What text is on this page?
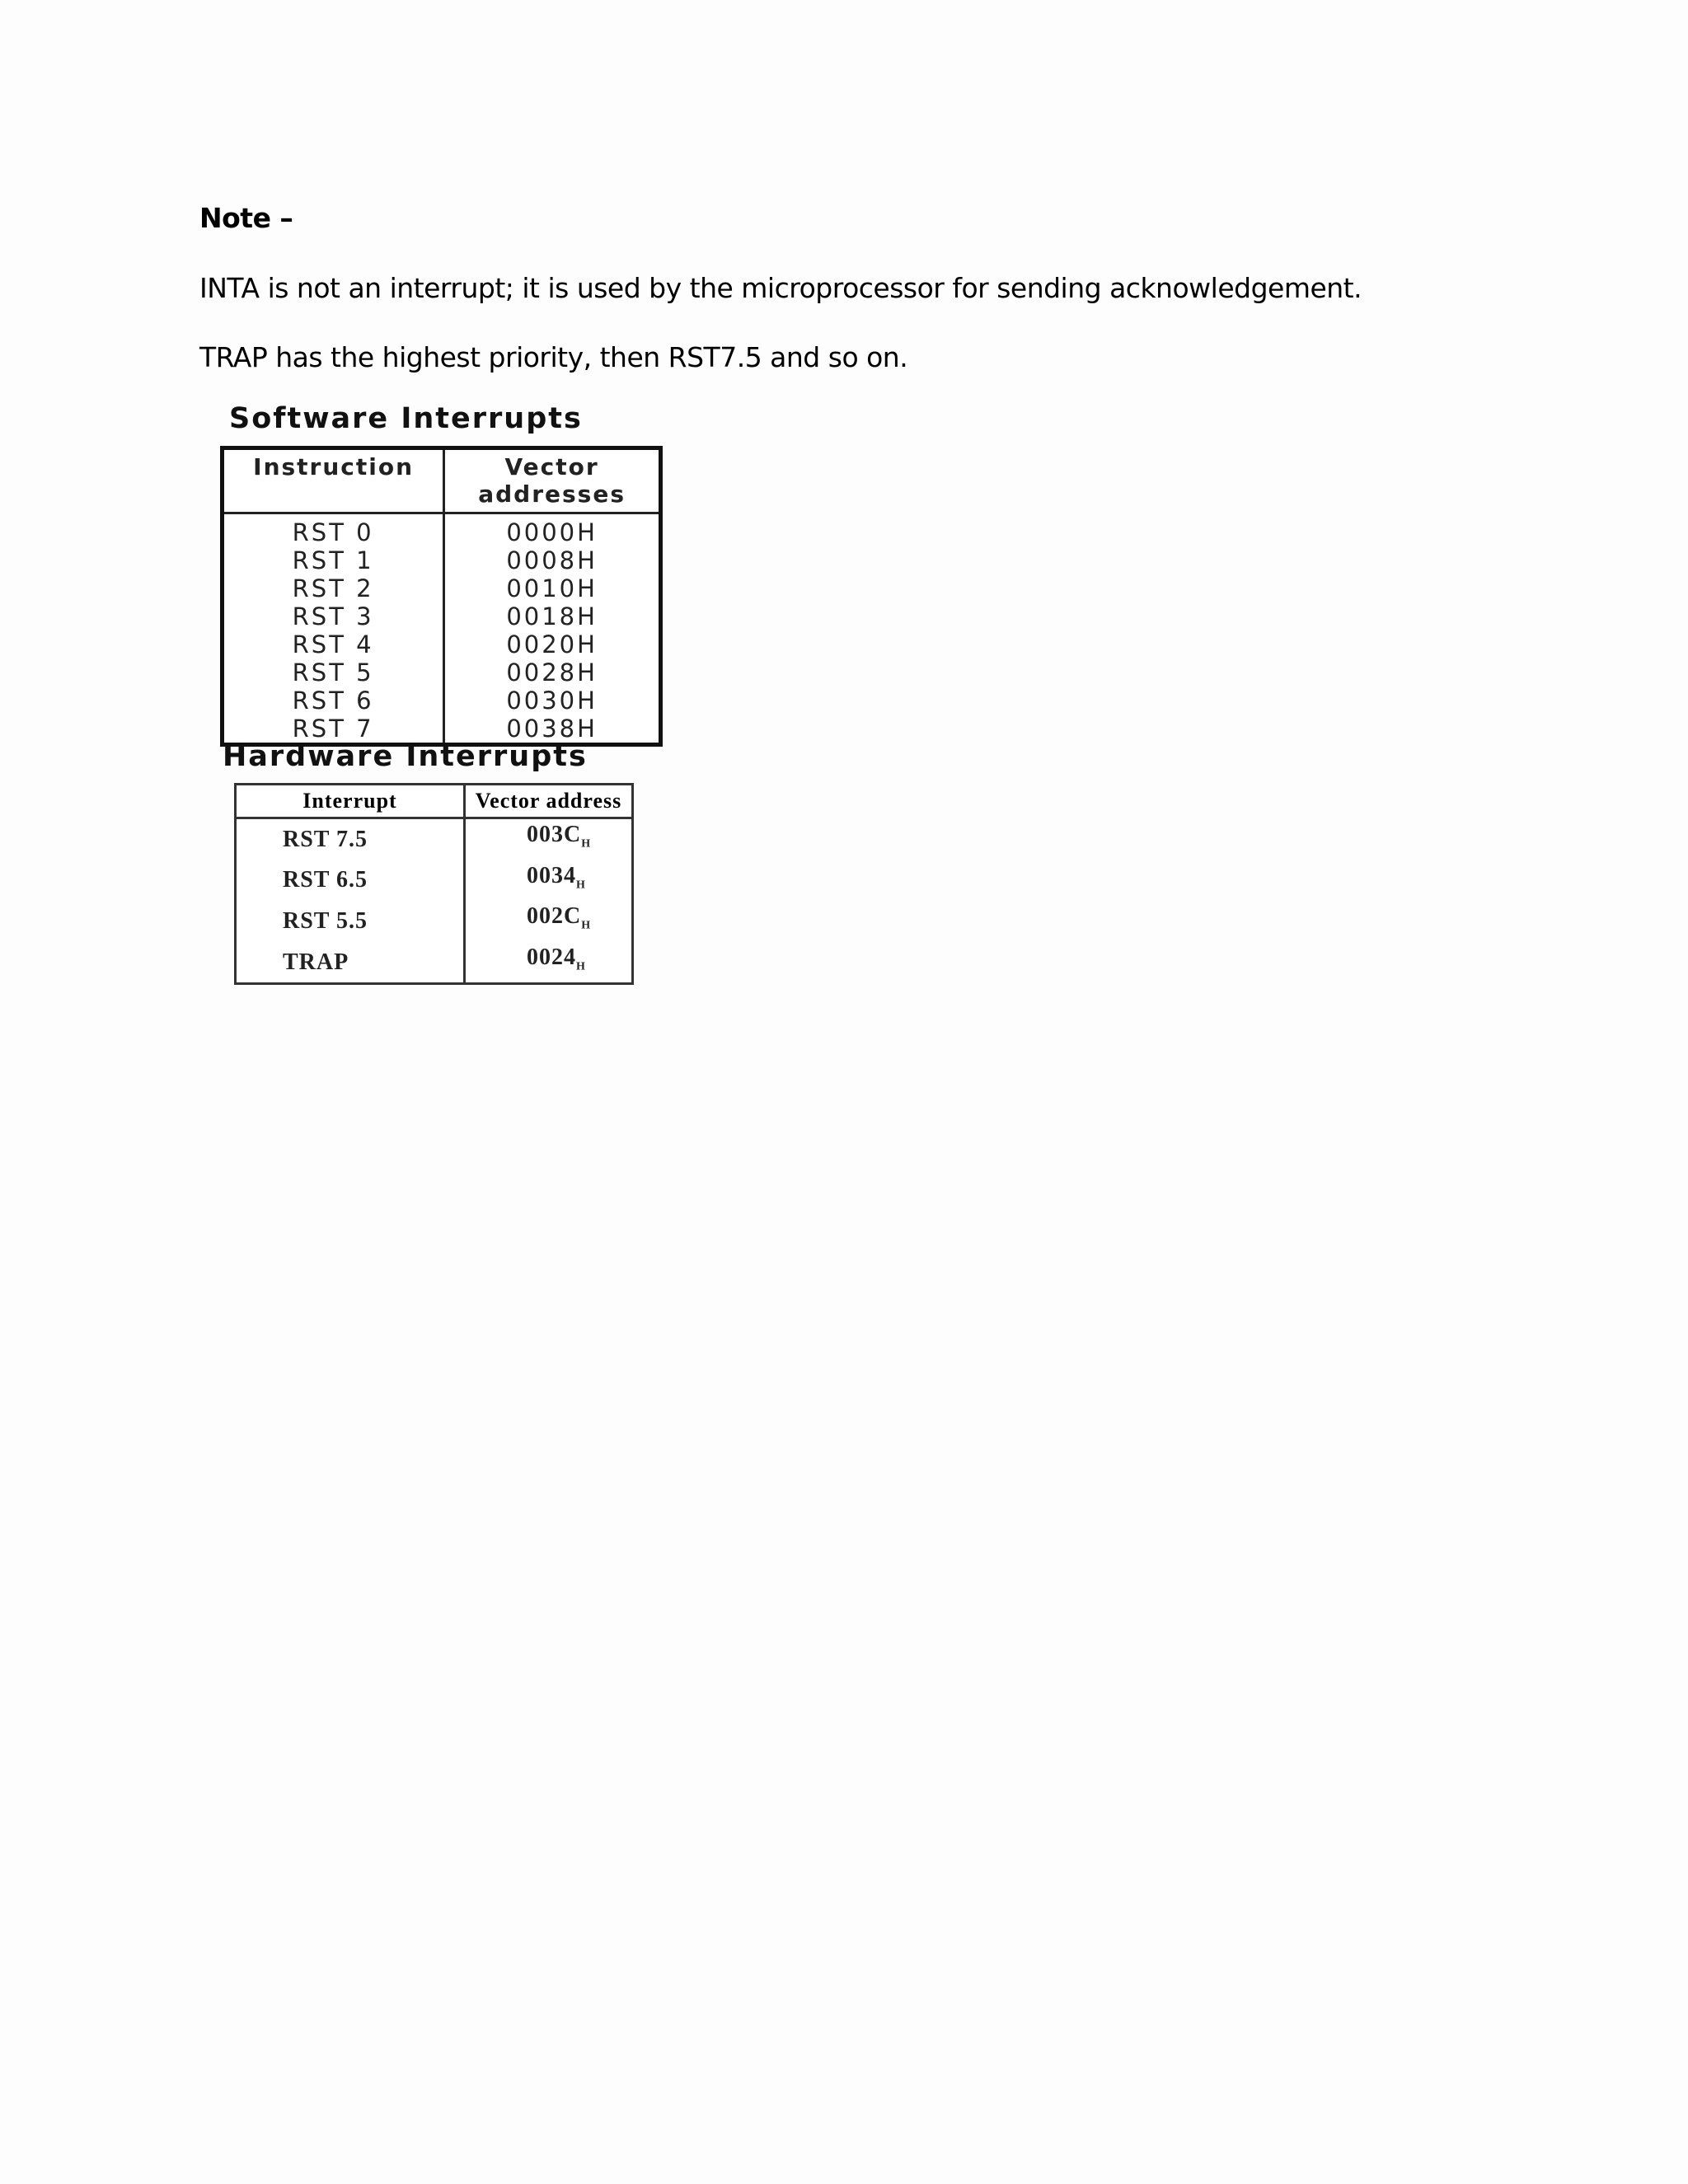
Note –
INTA is not an interrupt; it is used by the microprocessor for sending acknowledgement.
TRAP has the highest priority, then RST7.5 and so on.
Software Interrupts
Instruction	Vector addresses
RST 0	0000H
RST 1	0008H
RST 2	0010H
RST 3	0018H
RST 4	0020H
RST 5	0028H
RST 6	0030H
RST 7	0038H
Hardware Interrupts
Interrupt	Vector address
RST 7.5	$003C_H$
RST 6.5	$0034_H$
RST 5.5	$002C_H$
TRAP	$0024_H$
